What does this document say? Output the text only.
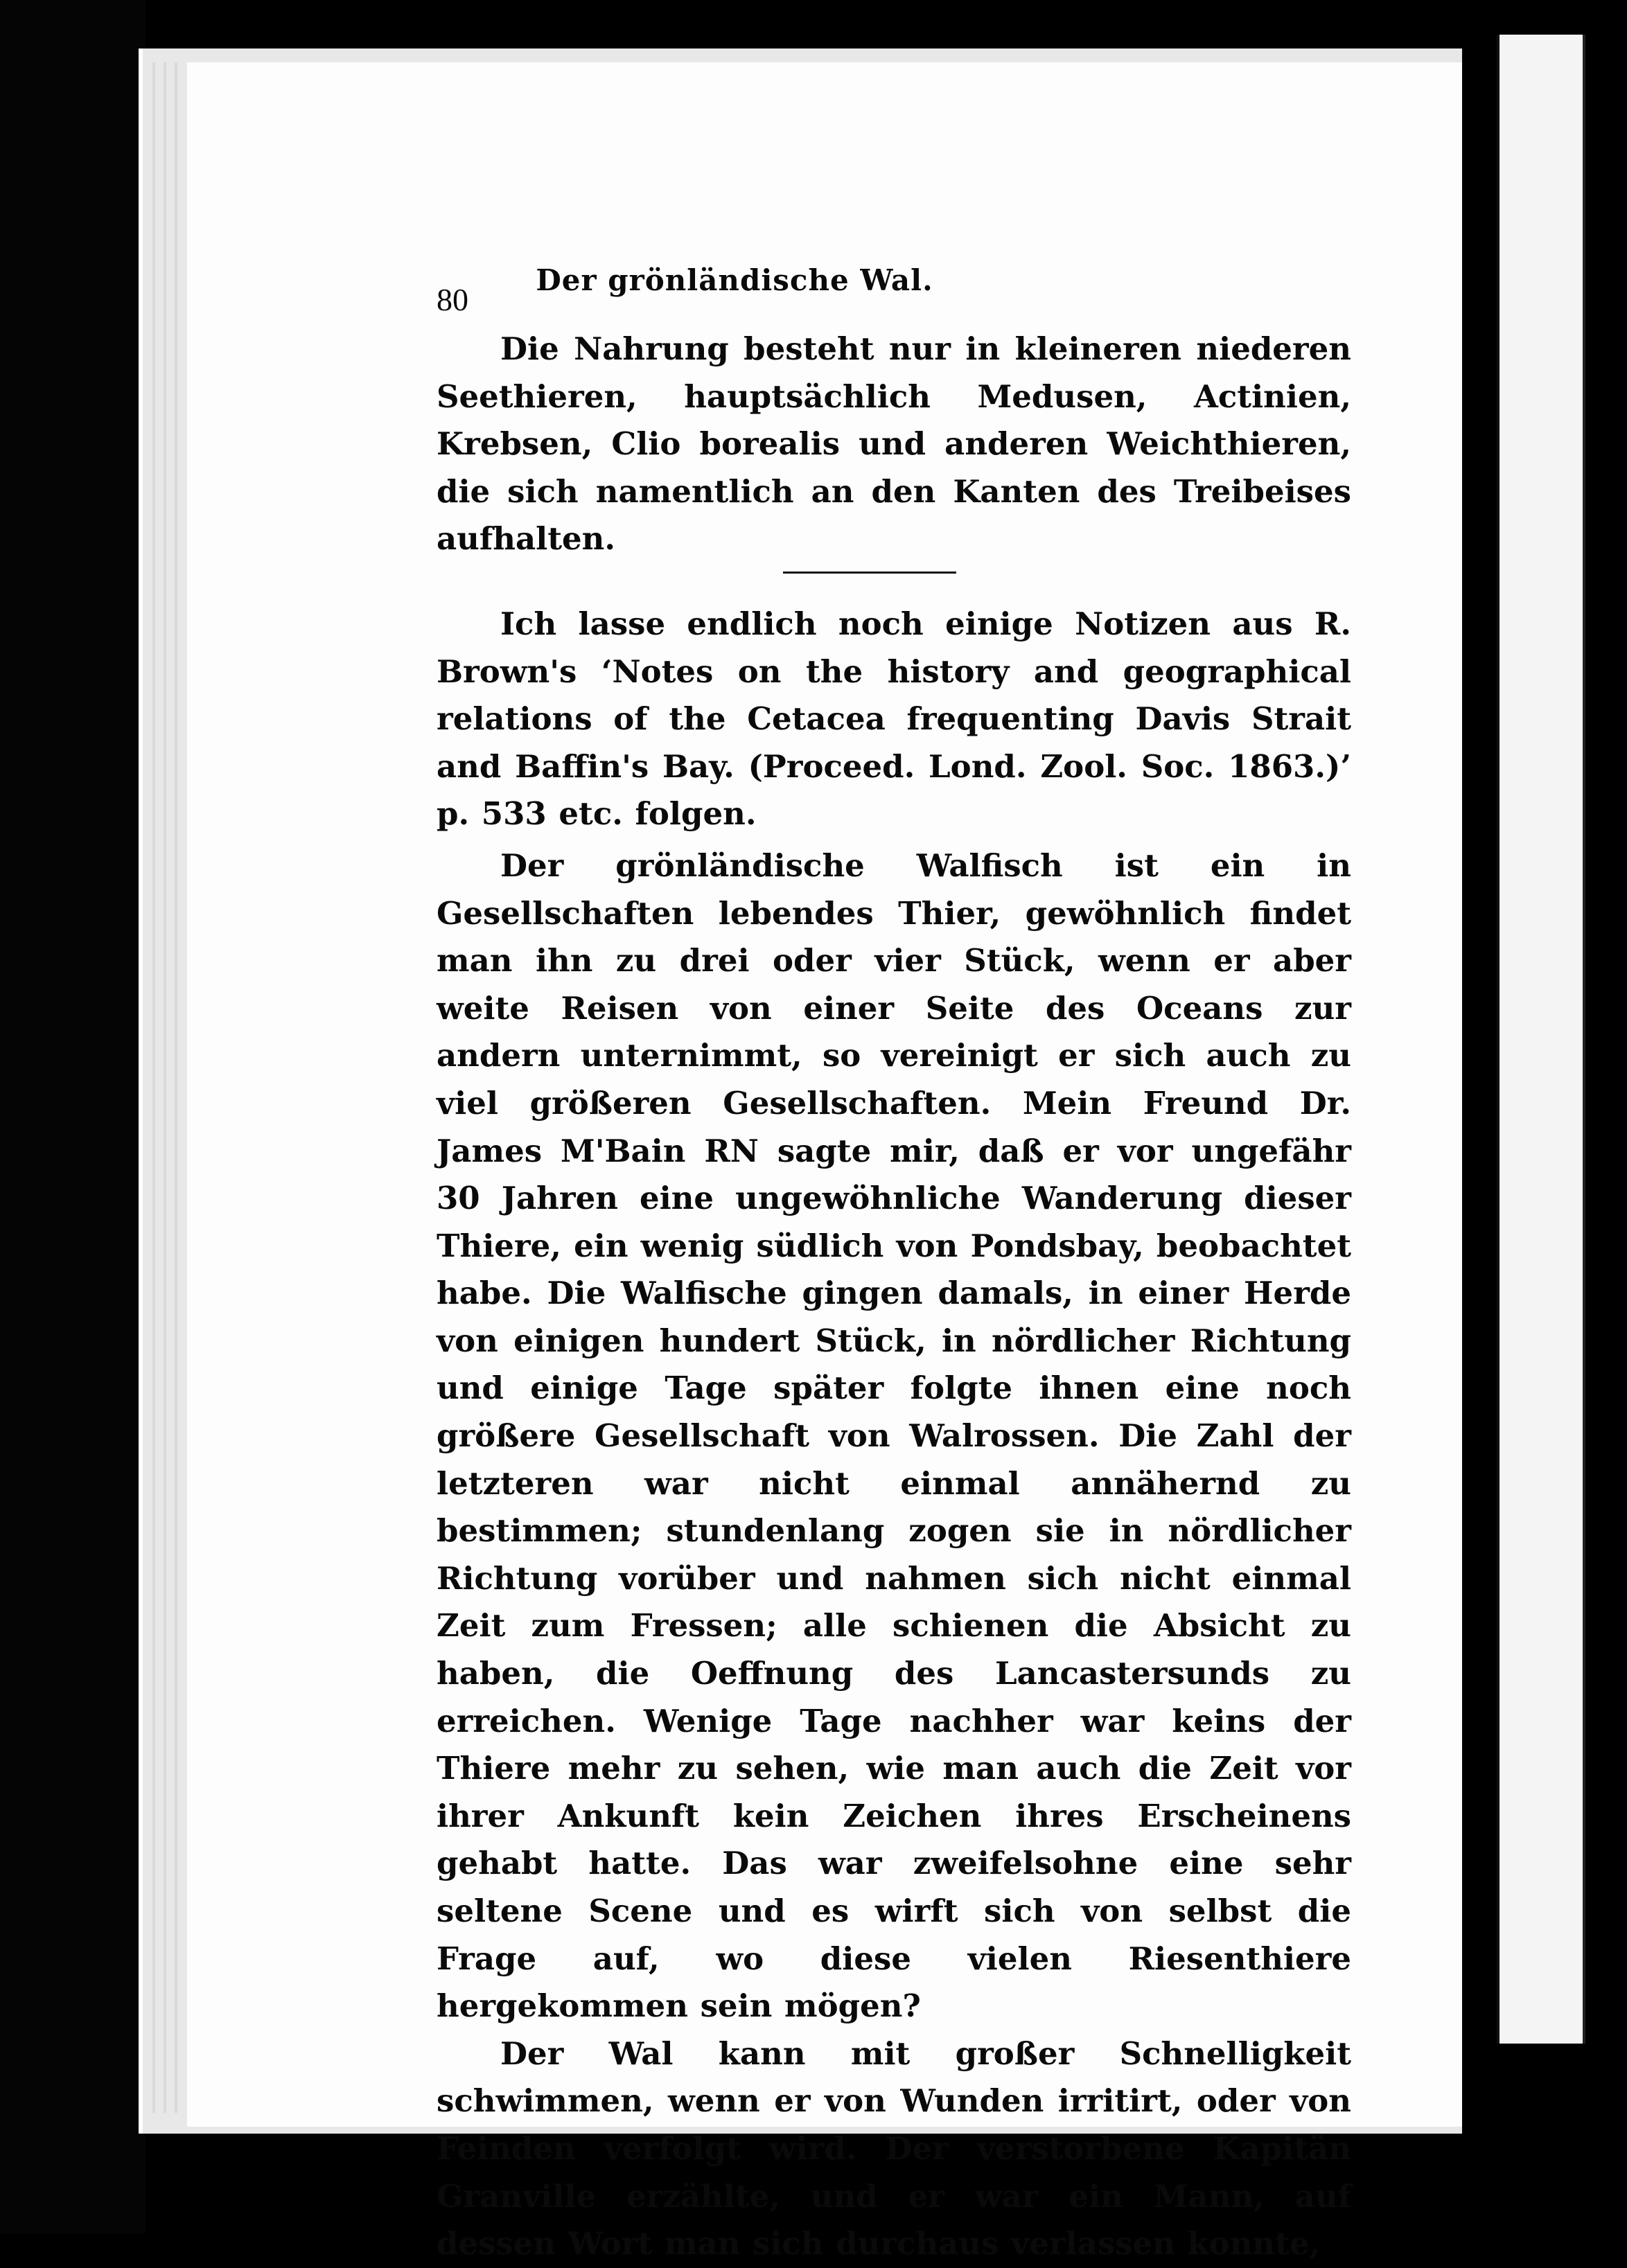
80
Der grönländische Wal.

Die Nahrung besteht nur in kleineren niederen Seethieren, hauptsächlich Medusen, Actinien, Krebsen, Clio borealis und anderen Weichthieren, die sich namentlich an den Kanten des Treibeises aufhalten.

Ich lasse endlich noch einige Notizen aus R. Brown's ‘Notes on the history and geographical relations of the Cetacea frequenting Davis Strait and Baffin's Bay. (Proceed. Lond. Zool. Soc. 1863.)’ p. 533 etc. folgen.

Der grönländische Walfisch ist ein in Gesellschaften lebendes Thier, gewöhnlich findet man ihn zu drei oder vier Stück, wenn er aber weite Reisen von einer Seite des Oceans zur andern unternimmt, so vereinigt er sich auch zu viel größeren Gesellschaften. Mein Freund Dr. James M'Bain RN sagte mir, daß er vor ungefähr 30 Jahren eine ungewöhnliche Wanderung dieser Thiere, ein wenig südlich von Pondsbay, beobachtet habe. Die Walfische gingen damals, in einer Herde von einigen hundert Stück, in nördlicher Richtung und einige Tage später folgte ihnen eine noch größere Gesellschaft von Walrossen. Die Zahl der letzteren war nicht einmal annähernd zu bestimmen; stundenlang zogen sie in nördlicher Richtung vorüber und nahmen sich nicht einmal Zeit zum Fressen; alle schienen die Absicht zu haben, die Oeffnung des Lancastersunds zu erreichen. Wenige Tage nachher war keins der Thiere mehr zu sehen, wie man auch die Zeit vor ihrer Ankunft kein Zeichen ihres Erscheinens gehabt hatte. Das war zweifelsohne eine sehr seltene Scene und es wirft sich von selbst die Frage auf, wo diese vielen Riesenthiere hergekommen sein mögen?

Der Wal kann mit großer Schnelligkeit schwimmen, wenn er von Wunden irritirt, oder von Feinden verfolgt wird. Der verstorbene Kapitän Granville erzählte, und er war ein Mann, auf dessen Wort man sich durchaus verlassen konnte,
